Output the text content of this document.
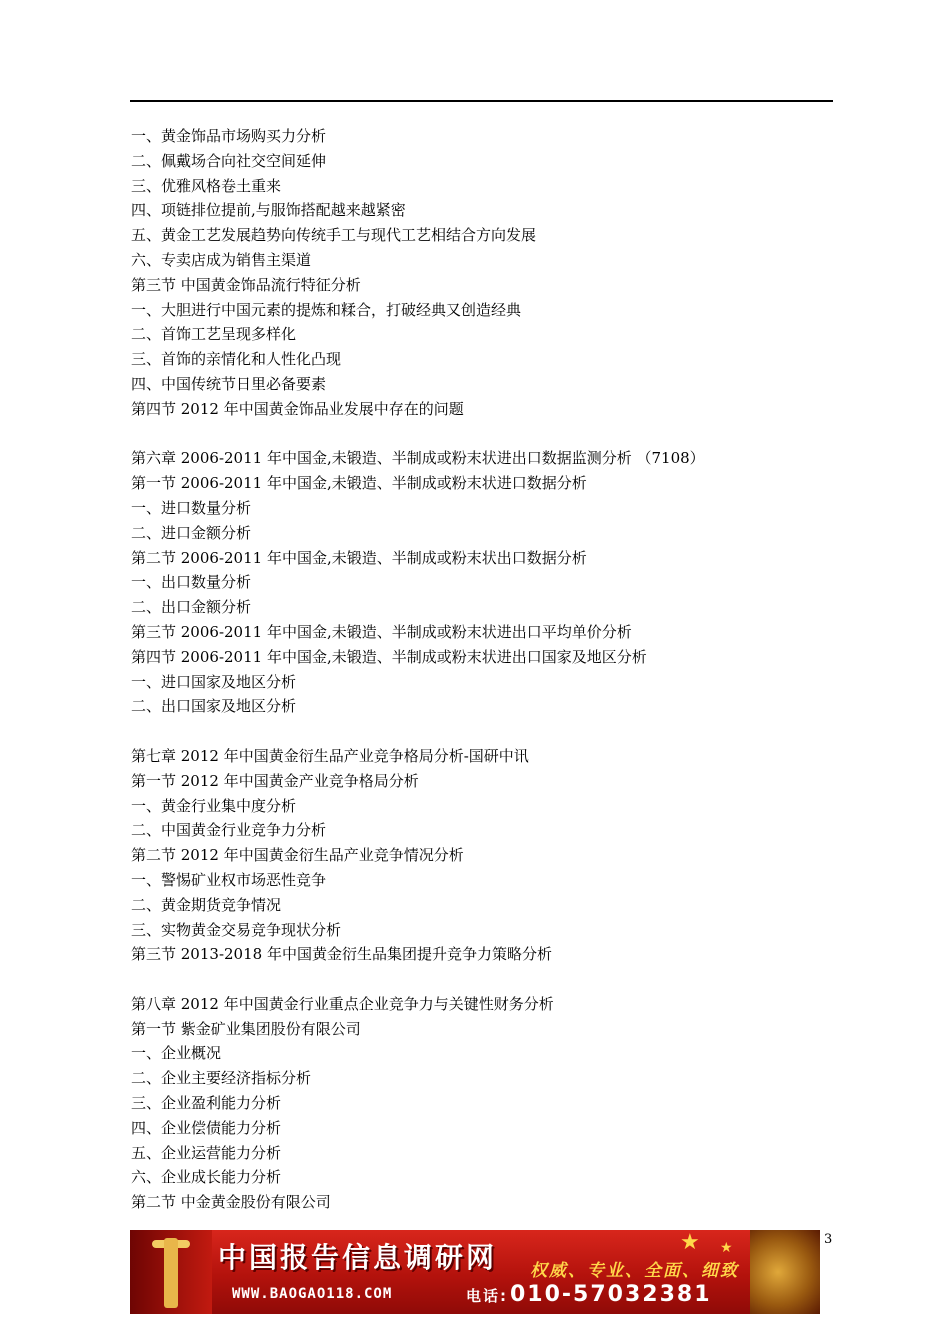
一、黄金饰品市场购买力分析
二、佩戴场合向社交空间延伸
三、优雅风格卷土重来
四、项链排位提前,与服饰搭配越来越紧密
五、黄金工艺发展趋势向传统手工与现代工艺相结合方向发展
六、专卖店成为销售主渠道
第三节 中国黄金饰品流行特征分析
一、大胆进行中国元素的提炼和糅合，打破经典又创造经典
二、首饰工艺呈现多样化
三、首饰的亲情化和人性化凸现
四、中国传统节日里必备要素
第四节 2012 年中国黄金饰品业发展中存在的问题
第六章 2006-2011 年中国金,未锻造、半制成或粉末状进出口数据监测分析 （7108）
第一节 2006-2011 年中国金,未锻造、半制成或粉末状进口数据分析
一、进口数量分析
二、进口金额分析
第二节 2006-2011 年中国金,未锻造、半制成或粉末状出口数据分析
一、出口数量分析
二、出口金额分析
第三节 2006-2011 年中国金,未锻造、半制成或粉末状进出口平均单价分析
第四节 2006-2011 年中国金,未锻造、半制成或粉末状进出口国家及地区分析
一、进口国家及地区分析
二、出口国家及地区分析
第七章 2012 年中国黄金衍生品产业竞争格局分析-国研中讯
第一节 2012 年中国黄金产业竞争格局分析
一、黄金行业集中度分析
二、中国黄金行业竞争力分析
第二节 2012 年中国黄金衍生品产业竞争情况分析
一、警惕矿业权市场恶性竞争
二、黄金期货竞争情况
三、实物黄金交易竞争现状分析
第三节 2013-2018 年中国黄金衍生品集团提升竞争力策略分析
第八章 2012 年中国黄金行业重点企业竞争力与关键性财务分析
第一节 紫金矿业集团股份有限公司
一、企业概况
二、企业主要经济指标分析
三、企业盈利能力分析
四、企业偿债能力分析
五、企业运营能力分析
六、企业成长能力分析
第二节 中金黄金股份有限公司
3
★ ★
中国报告信息调研网
WWW.BAOGAO118.COM
权威、专业、全面、细致
电话:010-57032381
